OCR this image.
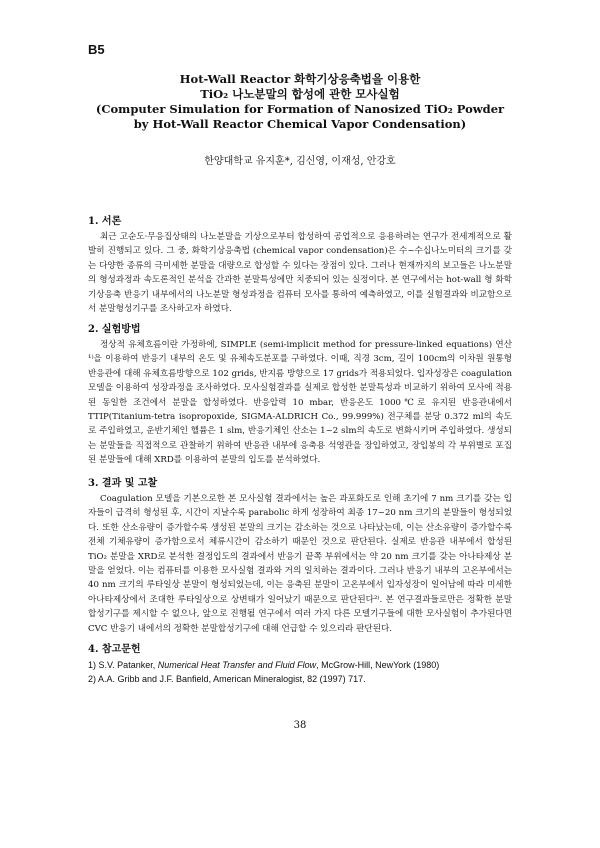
B5
Hot-Wall Reactor 화학기상응축법을 이용한
TiO₂ 나노분말의 합성에 관한 모사실험
(Computer Simulation for Formation of Nanosized TiO₂ Powder
by Hot-Wall Reactor Chemical Vapor Condensation)
한양대학교 유지훈*, 김신영, 이재성, 안강호
1. 서론
최근 고순도·무응집상태의 나노분말을 기상으로부터 합성하여 공업적으로 응용하려는 연구가 전세계적으로 활발히 진행되고 있다. 그 중, 화학기상응축법 (chemical vapor condensation)은 수~수십나노미터의 크기를 갖는 다양한 종류의 극미세한 분말을 대량으로 합성할 수 있다는 장점이 있다. 그러나 현재까지의 보고들은 나노분말의 형성과정과 속도론적인 분석을 간과한 분말특성에만 치중되어 있는 실정이다. 본 연구에서는 hot-wall 형 화학기상응축 반응기 내부에서의 나노분말 형성과정을 컴퓨터 모사를 통하여 예측하였고, 이를 실험결과와 비교함으로서 분말형성기구를 조사하고자 하였다.
2. 실험방법
정상적 유체흐름이란 가정하에, SIMPLE (semi-implicit method for pressure-linked equations) 연산¹⁾을 이용하여 반응기 내부의 온도 및 유체속도분포를 구하였다. 이때, 직경 3cm, 길이 100cm의 이차원 원통형 반응관에 대해 유체흐름방향으로 102 grids, 반지름 방향으로 17 grids가 적용되었다. 입자성장은 coagulation 모델을 이용하여 성장과정을 조사하였다. 모사실험결과를 실제로 합성한 분말특성과 비교하기 위하여 모사에 적용된 동일한 조건에서 분말을 합성하였다. 반응압력 10 mbar, 반응온도 1000℃로 유지된 반응관내에서 TTIP(Titanium-tetra isopropoxide, SIGMA-ALDRICH Co., 99.999%) 전구체를 분당 0.372 ml의 속도로 주입하였고, 운반기체인 헬륨은 1 slm, 반응기체인 산소는 1~2 slm의 속도로 변화시키며 주입하였다. 생성되는 분말들을 직접적으로 관찰하기 위하여 반응관 내부에 응축용 석영관을 장입하였고, 장입봉의 각 부위별로 포집된 분말들에 대해 XRD를 이용하여 분말의 입도를 분석하였다.
3. 결과 및 고찰
Coagulation 모델을 기본으로한 본 모사실험 결과에서는 높은 과포화도로 인해 초기에 7 nm 크기를 갖는 입자들이 급격히 형성된 후, 시간이 지날수록 parabolic 하게 성장하여 최종 17~20 nm 크기의 분말들이 형성되었다. 또한 산소유량이 증가할수록 생성된 분말의 크기는 감소하는 것으로 나타났는데, 이는 산소유량이 증가할수록 전체 기체유량이 증가함으로서 체류시간이 감소하기 때문인 것으로 판단된다. 실제로 반응관 내부에서 합성된 TiO₂ 분말을 XRD로 분석한 결정입도의 결과에서 반응기 끝쪽 부위에서는 약 20 nm 크기를 갖는 아나타제상 분말을 얻었다. 이는 컴퓨터를 이용한 모사실험 결과와 거의 일치하는 결과이다. 그러나 반응기 내부의 고온부에서는 40 nm 크기의 루타일상 분말이 형성되었는데, 이는 응축된 분말이 고온부에서 입자성장이 일어남에 따라 미세한 아나타제상에서 조대한 루타일상으로 상변태가 일어났기 때문으로 판단된다²⁾. 본 연구결과들로만은 정확한 분말합성기구를 제시할 수 없으나, 앞으로 진행될 연구에서 여러 가지 다른 모델기구들에 대한 모사실험이 추가된다면 CVC 반응기 내에서의 정확한 분말합성기구에 대해 언급할 수 있으리라 판단된다.
4. 참고문헌
1) S.V. Patanker, Numerical Heat Transfer and Fluid Flow, McGrow-Hill, NewYork (1980)
2) A.A. Gribb and J.F. Banfield, American Mineralogist, 82 (1997) 717.
38
